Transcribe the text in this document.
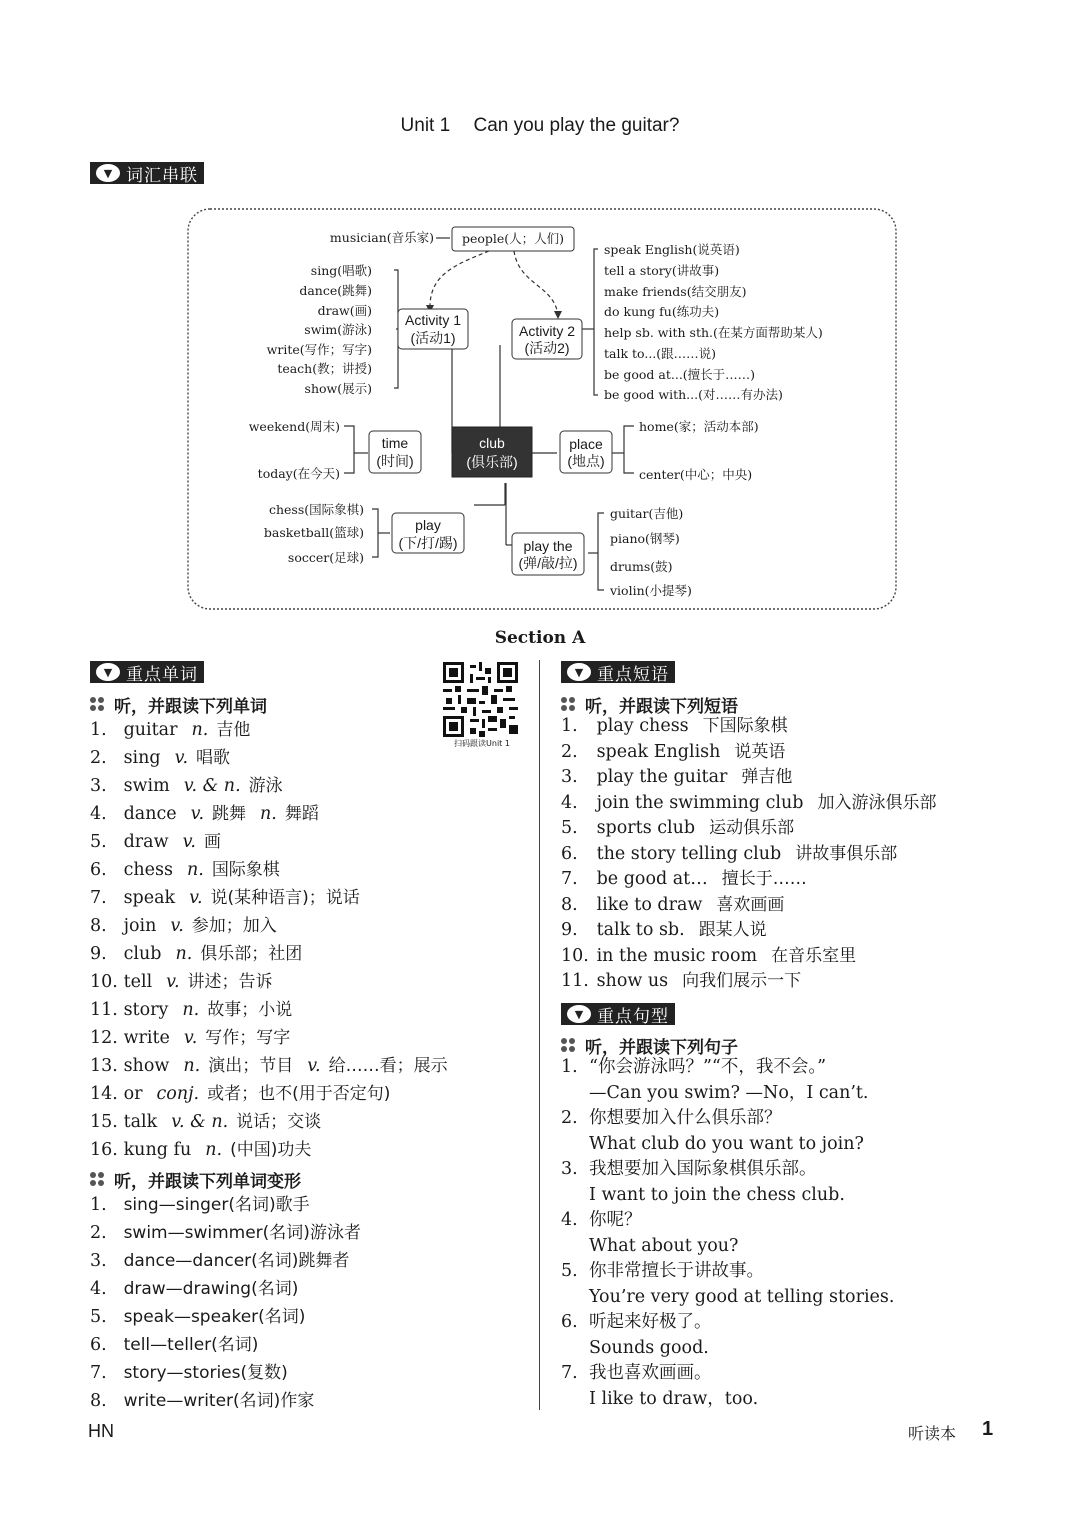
Unit 1 Can you play the guitar?
▼ 词汇串联
club
(俱乐部)
people(人；人们)
musician(音乐家)
Activity 1
(活动1)	Activity 2
(活动2)
time
(时间)
place
(地点)
play
(下/打/踢)	play the
(弹/敲/拉)
sing(唱歌)
dance(跳舞)
draw(画)
swim(游泳)
write(写作；写字)
teach(教；讲授)
show(展示)
speak English(说英语)
tell a story(讲故事)
make friends(结交朋友)
do kung fu(练功夫)
help sb. with sth.(在某方面帮助某人)
talk to...(跟……说)
be good at...(擅长于……)
be good with...(对……有办法)
weekend(周末)
today(在今天)
home(家；活动本部)
center(中心；中央)
chess(国际象棋)
basketball(篮球)
soccer(足球)
guitar(吉他)
piano(钢琴)
drums(鼓)
violin(小提琴)
Section A
▼ 重点单词
扫码跟读Unit 1
听，并跟读下列单词
1. guitar n. 吉他
2. sing v. 唱歌
3. swim v. & n. 游泳
4. dance v. 跳舞 n. 舞蹈
5. draw v. 画
6. chess n. 国际象棋
7. speak v. 说(某种语言)；说话
8. join v. 参加；加入
9. club n. 俱乐部；社团
10. tell v. 讲述；告诉
11. story n. 故事；小说
12. write v. 写作；写字
13. show n. 演出；节目 v. 给……看；展示
14. or conj. 或者；也不(用于否定句)
15. talk v. & n. 说话；交谈
16. kung fu n. (中国)功夫
听，并跟读下列单词变形
1. sing—singer(名词)歌手
2. swim—swimmer(名词)游泳者
3. dance—dancer(名词)跳舞者
4. draw—drawing(名词)
5. speak—speaker(名词)
6. tell—teller(名词)
7. story—stories(复数)
8. write—writer(名词)作家
▼ 重点短语
听，并跟读下列短语
1. play chess 下国际象棋
2. speak English 说英语
3. play the guitar 弹吉他
4. join the swimming club 加入游泳俱乐部
5. sports club 运动俱乐部
6. the story telling club 讲故事俱乐部
7. be good at… 擅长于……
8. like to draw 喜欢画画
9. talk to sb. 跟某人说
10. in the music room 在音乐室里
11. show us 向我们展示一下
▼ 重点句型
听，并跟读下列句子
1. “你会游泳吗？”“不，我不会。”
—Can you swim? —No，I can’t.
2. 你想要加入什么俱乐部？
What club do you want to join?
3. 我想要加入国际象棋俱乐部。
I want to join the chess club.
4. 你呢？
What about you?
5. 你非常擅长于讲故事。
You’re very good at telling stories.
6. 听起来好极了。
Sounds good.
7. 我也喜欢画画。
I like to draw，too.
HN	听读本 1
